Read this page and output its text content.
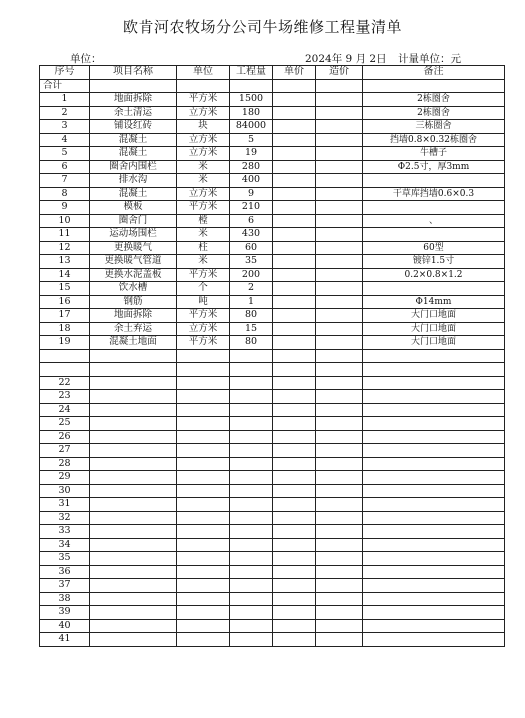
欧肯河农牧场分公司牛场维修工程量清单
单位：	2024年 9 月 2日 计量单位：元
序号	项目名称	单位	工程量	单价	造价	备注
合计						
1	地面拆除	平方米	1500			2栋圈舍
2	余土清运	立方米	180			2栋圈舍
3	铺设红砖	块	84000			三栋圈舍
4	混凝土	立方米	5			挡墙0.8×0.32栋圈舍
5	混凝土	立方米	19			牛槽子
6	圈舍内围栏	米	280			Φ2.5寸，厚3mm
7	排水沟	米	400			
8	混凝土	立方米	9			干草库挡墙0.6×0.3
9	模板	平方米	210			
10	圈舍门	樘	6			、
11	运动场围栏	米	430			
12	更换暖气	柱	60			60型
13	更换暖气管道	米	35			镀锌1.5寸
14	更换水泥盖板	平方米	200			0.2×0.8×1.2
15	饮水槽	个	2			
16	钢筋	吨	1			Φ14mm
17	地面拆除	平方米	80			大门口地面
18	余土弃运	立方米	15			大门口地面
19	混凝土地面	平方米	80			大门口地面

22						
23						
24						
25						
26						
27						
28						
29						
30						
31						
32						
33						
34						
35						
36						
37						
38						
39						
40						
41						
